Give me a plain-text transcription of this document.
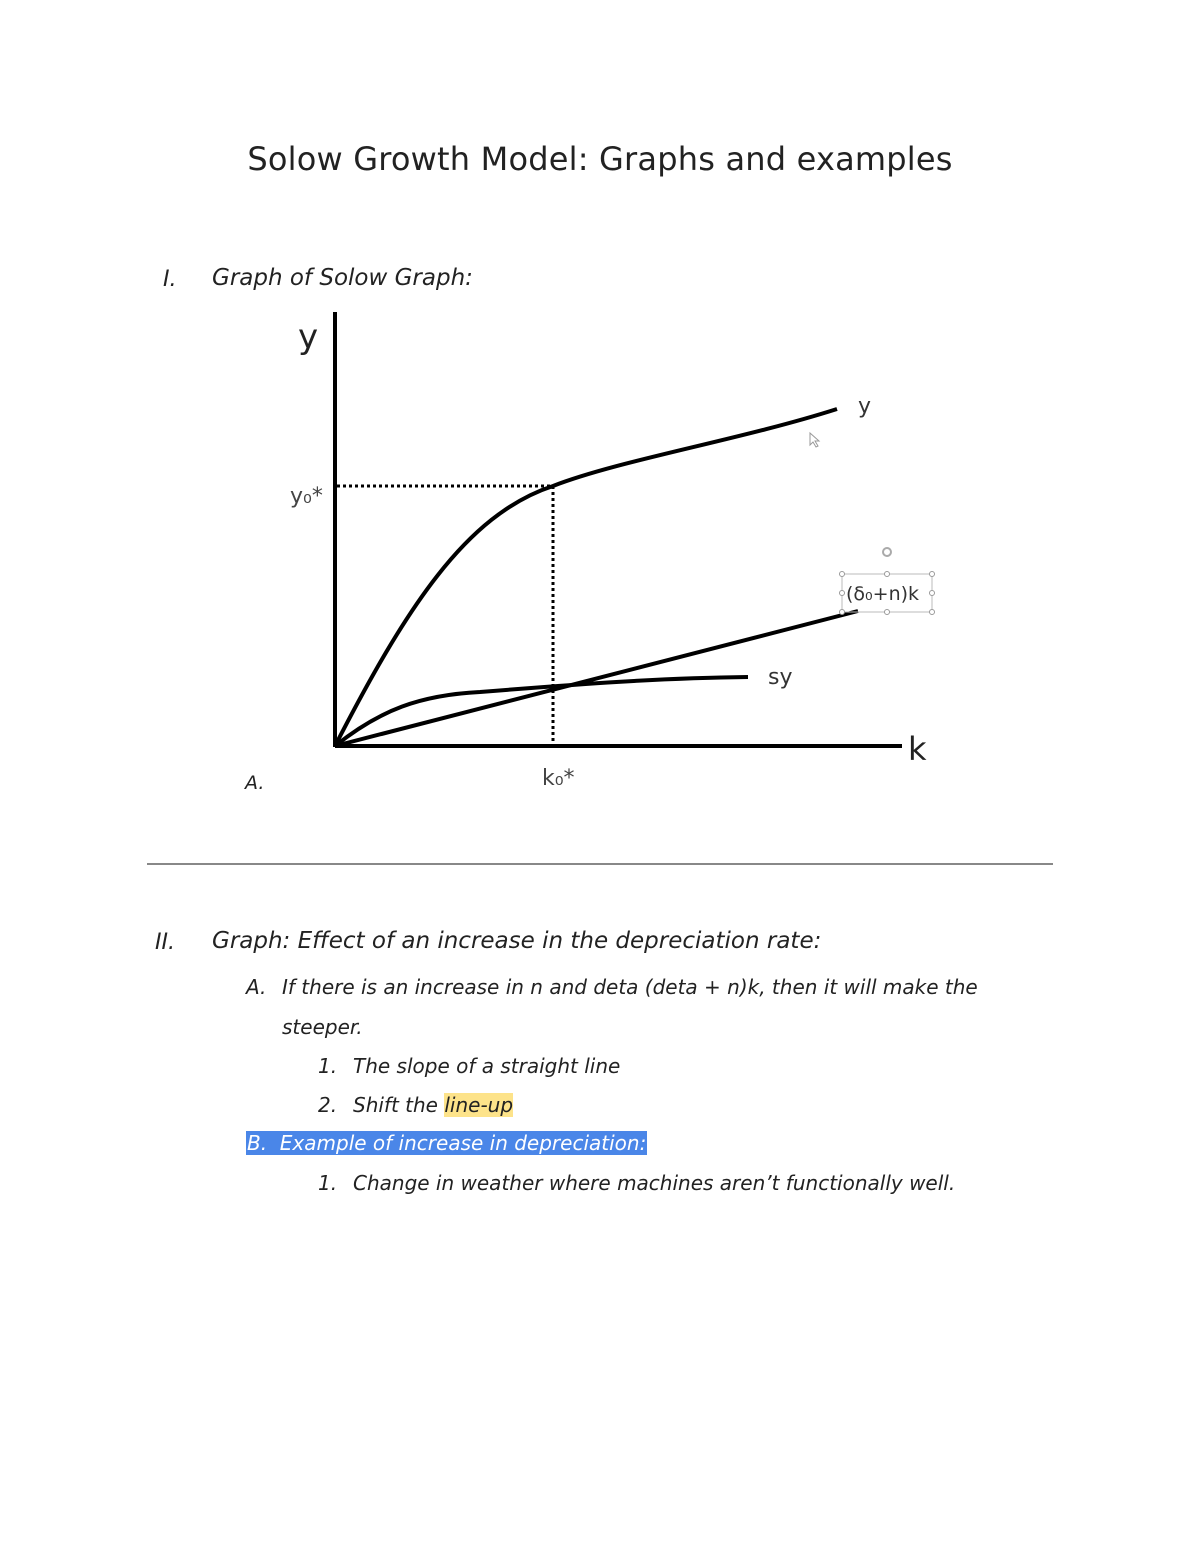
Solow Growth Model: Graphs and examples
I. Graph of Solow Graph:
y
k
y₀*
k₀*
y
sy
(δ₀+n)k
A.
II. Graph: Effect of an increase in the depreciation rate:
A. If there is an increase in n and deta (deta + n)k, then it will make the
steeper.
1. The slope of a straight line
2. Shift the line-up
B. Example of increase in depreciation:
1. Change in weather where machines aren’t functionally well.
